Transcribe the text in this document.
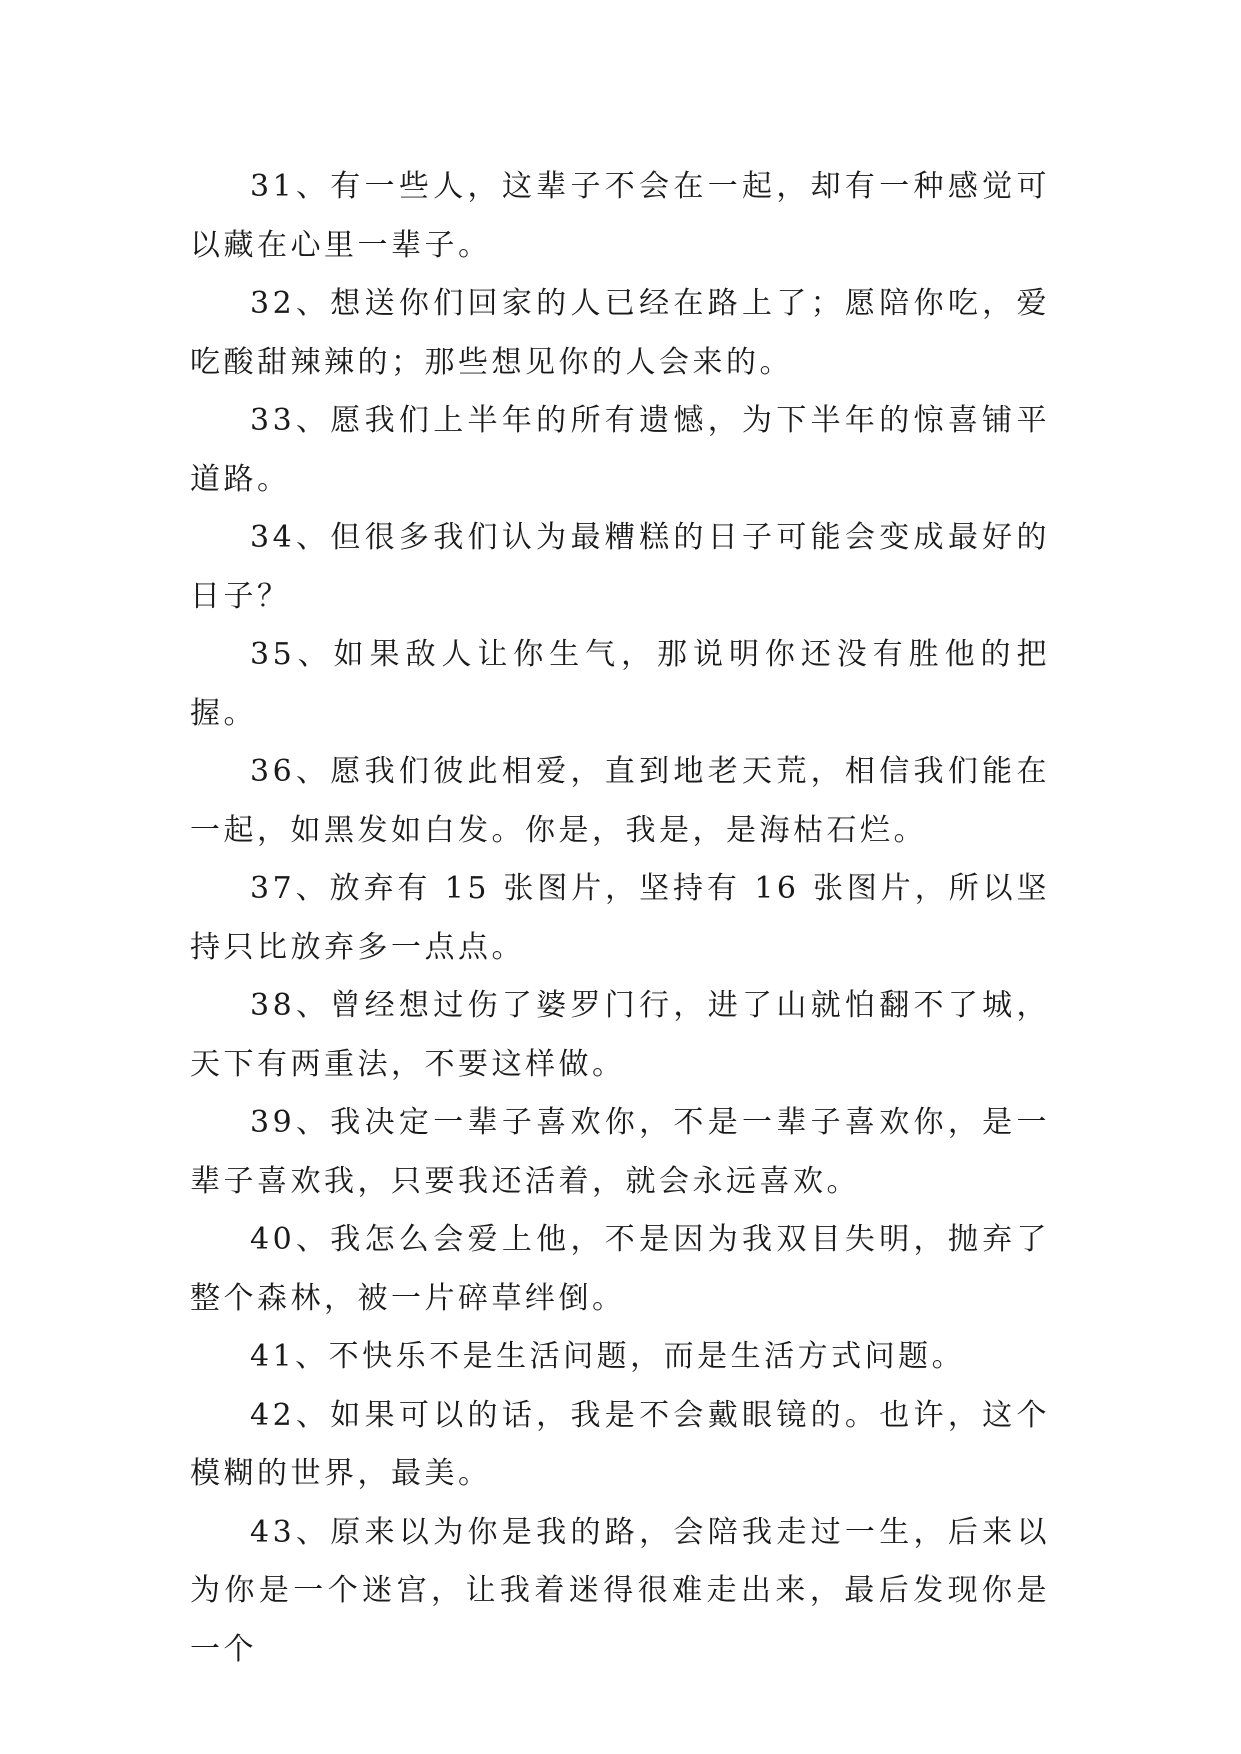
31、有一些人，这辈子不会在一起，却有一种感觉可以藏在心里一辈子。

32、想送你们回家的人已经在路上了；愿陪你吃，爱吃酸甜辣辣的；那些想见你的人会来的。

33、愿我们上半年的所有遗憾，为下半年的惊喜铺平道路。

34、但很多我们认为最糟糕的日子可能会变成最好的日子？

35、如果敌人让你生气，那说明你还没有胜他的把握。

36、愿我们彼此相爱，直到地老天荒，相信我们能在一起，如黑发如白发。你是，我是，是海枯石烂。

37、放弃有 15 张图片，坚持有 16 张图片，所以坚持只比放弃多一点点。

38、曾经想过伤了婆罗门行，进了山就怕翻不了城，天下有两重法，不要这样做。

39、我决定一辈子喜欢你，不是一辈子喜欢你，是一辈子喜欢我，只要我还活着，就会永远喜欢。

40、我怎么会爱上他，不是因为我双目失明，抛弃了整个森林，被一片碎草绊倒。

41、不快乐不是生活问题，而是生活方式问题。

42、如果可以的话，我是不会戴眼镜的。也许，这个模糊的世界，最美。

43、原来以为你是我的路，会陪我走过一生，后来以为你是一个迷宫，让我着迷得很难走出来，最后发现你是一个
